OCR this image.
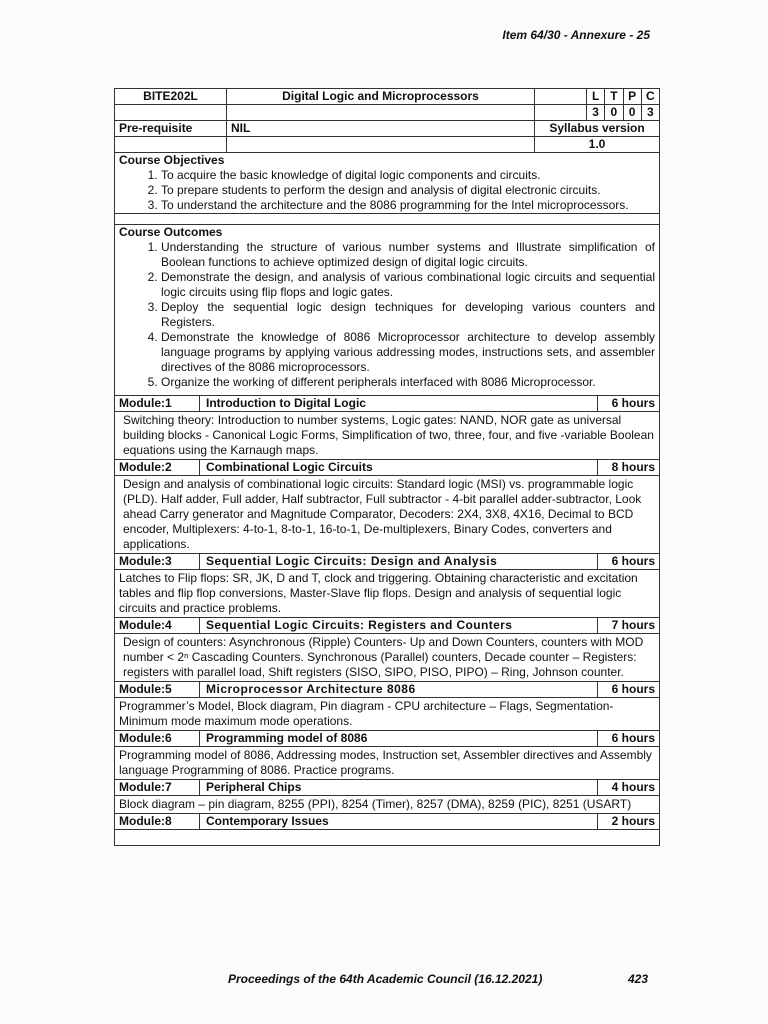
Item 64/30 - Annexure - 25
BITE202L	Digital Logic and Microprocessors	L T P C
3 0 0 3
Pre-requisite	NIL	Syllabus version
1.0
Course Objectives
1. To acquire the basic knowledge of digital logic components and circuits.
2. To prepare students to perform the design and analysis of digital electronic circuits.
3. To understand the architecture and the 8086 programming for the Intel microprocessors.
Course Outcomes
1. Understanding the structure of various number systems and Illustrate simplification of Boolean functions to achieve optimized design of digital logic circuits.
2. Demonstrate the design, and analysis of various combinational logic circuits and sequential logic circuits using flip flops and logic gates.
3. Deploy the sequential logic design techniques for developing various counters and Registers.
4. Demonstrate the knowledge of 8086 Microprocessor architecture to develop assembly language programs by applying various addressing modes, instructions sets, and assembler directives of the 8086 microprocessors.
5. Organize the working of different peripherals interfaced with 8086 Microprocessor.
Module:1	Introduction to Digital Logic	6 hours
Switching theory: Introduction to number systems, Logic gates: NAND, NOR gate as universal building blocks - Canonical Logic Forms, Simplification of two, three, four, and five -variable Boolean equations using the Karnaugh maps.
Module:2	Combinational Logic Circuits	8 hours
Design and analysis of combinational logic circuits: Standard logic (MSI) vs. programmable logic (PLD). Half adder, Full adder, Half subtractor, Full subtractor - 4-bit parallel adder-subtractor, Look ahead Carry generator and Magnitude Comparator, Decoders: 2X4, 3X8, 4X16, Decimal to BCD encoder, Multiplexers: 4-to-1, 8-to-1, 16-to-1, De-multiplexers, Binary Codes, converters and applications.
Module:3	Sequential Logic Circuits: Design and Analysis	6 hours
Latches to Flip flops: SR, JK, D and T, clock and triggering. Obtaining characteristic and excitation tables and flip flop conversions, Master-Slave flip flops. Design and analysis of sequential logic circuits and practice problems.
Module:4	Sequential Logic Circuits: Registers and Counters	7 hours
Design of counters: Asynchronous (Ripple) Counters- Up and Down Counters, counters with MOD number < 2ⁿ Cascading Counters. Synchronous (Parallel) counters, Decade counter – Registers: registers with parallel load, Shift registers (SISO, SIPO, PISO, PIPO) – Ring, Johnson counter.
Module:5	Microprocessor Architecture 8086	6 hours
Programmer’s Model, Block diagram, Pin diagram - CPU architecture – Flags, Segmentation- Minimum mode maximum mode operations.
Module:6	Programming model of 8086	6 hours
Programming model of 8086, Addressing modes, Instruction set, Assembler directives and Assembly language Programming of 8086. Practice programs.
Module:7	Peripheral Chips	4 hours
Block diagram – pin diagram, 8255 (PPI), 8254 (Timer), 8257 (DMA), 8259 (PIC), 8251 (USART)
Module:8	Contemporary Issues	2 hours
Proceedings of the 64th Academic Council (16.12.2021)	423
